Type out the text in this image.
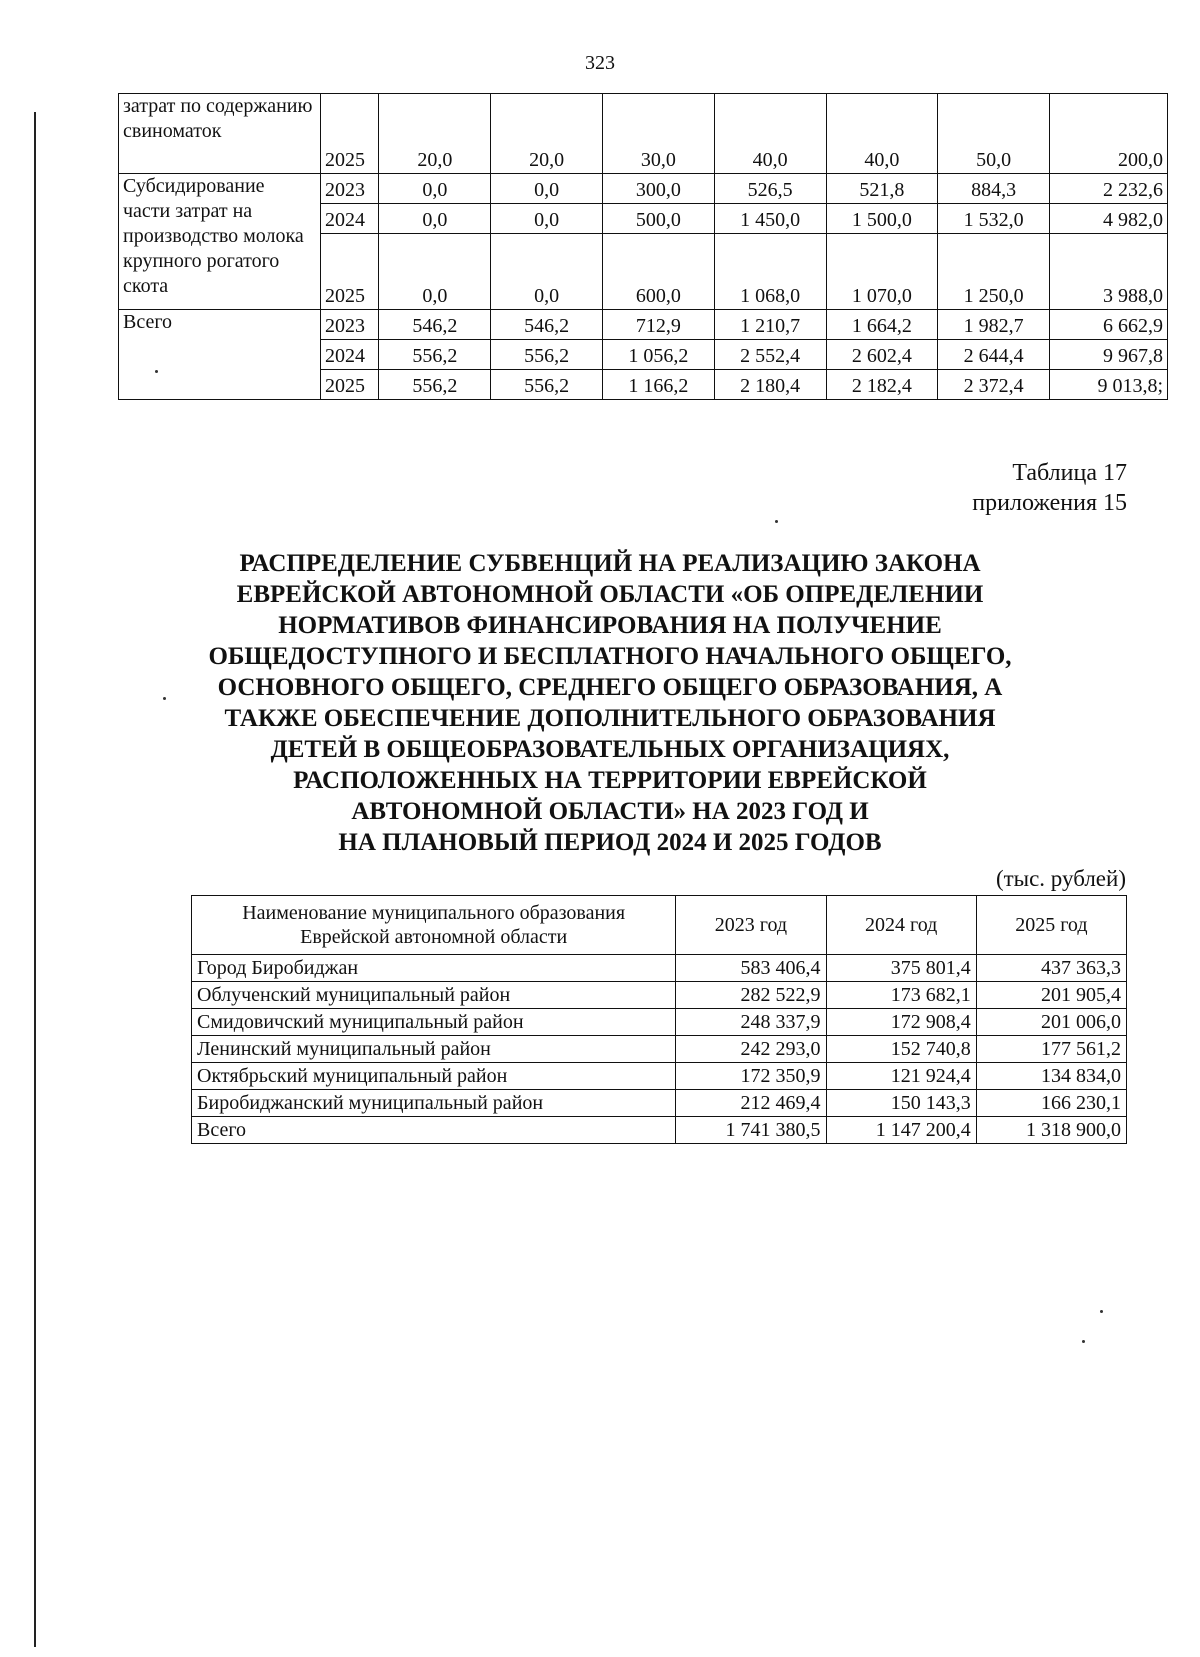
323
затрат по содержанию свиноматок	2025	20,0	20,0	30,0	40,0	40,0	50,0	200,0
Субсидирование части затрат на производство молока крупного рогатого скота	2023	0,0	0,0	300,0	526,5	521,8	884,3	2 232,6
	2024	0,0	0,0	500,0	1 450,0	1 500,0	1 532,0	4 982,0
	2025	0,0	0,0	600,0	1 068,0	1 070,0	1 250,0	3 988,0
Всего	2023	546,2	546,2	712,9	1 210,7	1 664,2	1 982,7	6 662,9
	2024	556,2	556,2	1 056,2	2 552,4	2 602,4	2 644,4	9 967,8
	2025	556,2	556,2	1 166,2	2 180,4	2 182,4	2 372,4	9 013,8;
Таблица 17
приложения 15
РАСПРЕДЕЛЕНИЕ СУБВЕНЦИЙ НА РЕАЛИЗАЦИЮ ЗАКОНА
ЕВРЕЙСКОЙ АВТОНОМНОЙ ОБЛАСТИ «ОБ ОПРЕДЕЛЕНИИ
НОРМАТИВОВ ФИНАНСИРОВАНИЯ НА ПОЛУЧЕНИЕ
ОБЩЕДОСТУПНОГО И БЕСПЛАТНОГО НАЧАЛЬНОГО ОБЩЕГО,
ОСНОВНОГО ОБЩЕГО, СРЕДНЕГО ОБЩЕГО ОБРАЗОВАНИЯ, А
ТАКЖЕ ОБЕСПЕЧЕНИЕ ДОПОЛНИТЕЛЬНОГО ОБРАЗОВАНИЯ
ДЕТЕЙ В ОБЩЕОБРАЗОВАТЕЛЬНЫХ ОРГАНИЗАЦИЯХ,
РАСПОЛОЖЕННЫХ НА ТЕРРИТОРИИ ЕВРЕЙСКОЙ
АВТОНОМНОЙ ОБЛАСТИ» НА 2023 ГОД И
НА ПЛАНОВЫЙ ПЕРИОД 2024 И 2025 ГОДОВ
(тыс. рублей)
Наименование муниципального образования
Еврейской автономной области	2023 год	2024 год	2025 год
Город Биробиджан	583 406,4	375 801,4	437 363,3
Облученский муниципальный район	282 522,9	173 682,1	201 905,4
Смидовичский муниципальный район	248 337,9	172 908,4	201 006,0
Ленинский муниципальный район	242 293,0	152 740,8	177 561,2
Октябрьский муниципальный район	172 350,9	121 924,4	134 834,0
Биробиджанский муниципальный район	212 469,4	150 143,3	166 230,1
Всего	1 741 380,5	1 147 200,4	1 318 900,0
